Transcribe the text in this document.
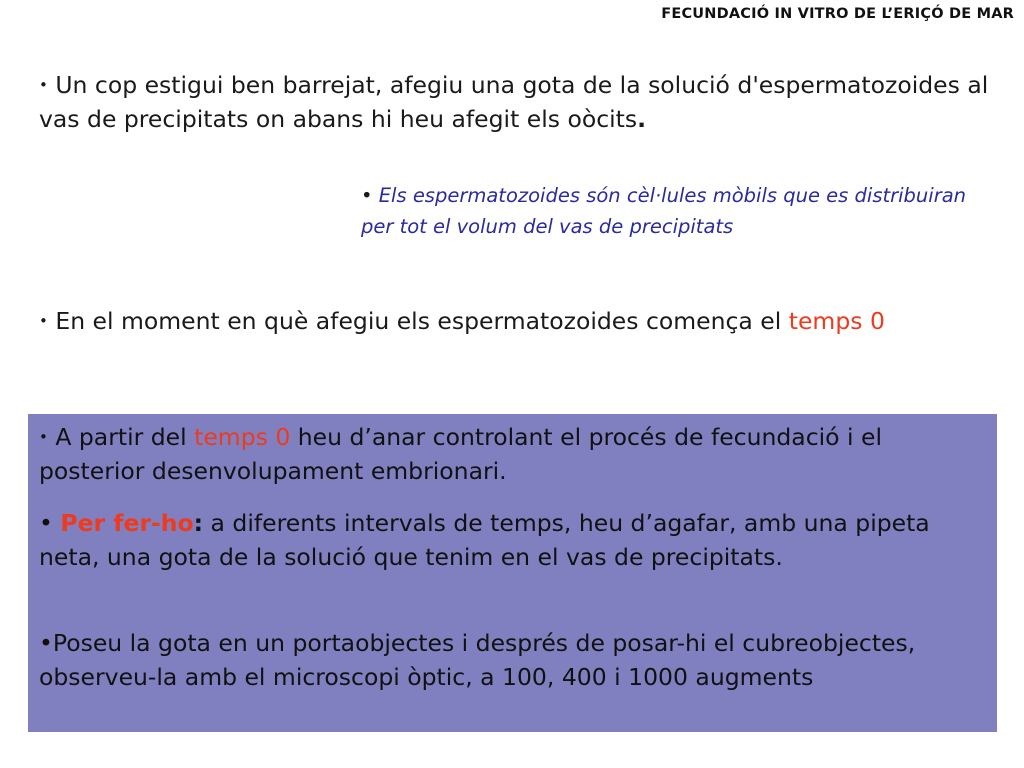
FECUNDACIÓ IN VITRO DE L’ERIÇÓ DE MAR

• Un cop estigui ben barrejat, afegiu una gota de la solució d'espermatozoides al vas de precipitats on abans hi heu afegit els oòcits.

• Els espermatozoides són cèl·lules mòbils que es distribuiran per tot el volum del vas de precipitats

• En el moment en què afegiu els espermatozoides comença el temps 0

• A partir del temps 0 heu d’anar controlant el procés de fecundació i el posterior desenvolupament embrionari.

• Per fer-ho: a diferents intervals de temps, heu d’agafar, amb una pipeta neta, una gota de la solució que tenim en el vas de precipitats.

•Poseu la gota en un portaobjectes i després de posar-hi el cubreobjectes, observeu-la amb el microscopi òptic, a 100, 400 i 1000 augments
